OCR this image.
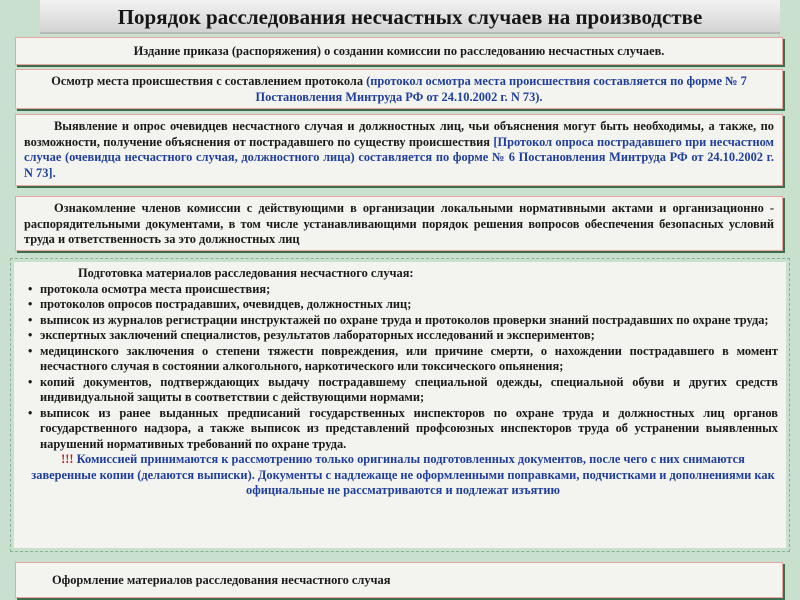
Порядок расследования несчастных случаев на производстве
Издание приказа (распоряжения) о создании комиссии по расследованию несчастных случаев.
Осмотр места происшествия с составлением протокола (протокол осмотра места происшествия составляется по форме № 7 Постановления Минтруда РФ от 24.10.2002 г. N 73).
Выявление и опрос очевидцев несчастного случая и должностных лиц, чьи объяснения могут быть необходимы, а также, по возможности, получение объяснения от пострадавшего по существу происшествия [Протокол опроса пострадавшего при несчастном случае (очевидца несчастного случая, должностного лица) составляется по форме № 6 Постановления Минтруда РФ от 24.10.2002 г. N 73].
Ознакомление членов комиссии с действующими в организации локальными нормативными актами и организационно - распорядительными документами, в том числе устанавливающими порядок решения вопросов обеспечения безопасных условий труда и ответственность за это должностных лиц
Подготовка материалов расследования несчастного случая:
• протокола осмотра места происшествия;
• протоколов опросов пострадавших, очевидцев, должностных лиц;
• выписок из журналов регистрации инструктажей по охране труда и протоколов проверки знаний пострадавших по охране труда;
• экспертных заключений специалистов, результатов лабораторных исследований и экспериментов;
• медицинского заключения о степени тяжести повреждения, или причине смерти, о нахождении пострадавшего в момент несчастного случая в состоянии алкогольного, наркотического или токсического опьянения;
• копий документов, подтверждающих выдачу пострадавшему специальной одежды, специальной обуви и других средств индивидуальной защиты в соответствии с действующими нормами;
• выписок из ранее выданных предписаний государственных инспекторов по охране труда и должностных лиц органов государственного надзора, а также выписок из представлений профсоюзных инспекторов труда об устранении выявленных нарушений нормативных требований по охране труда.
!!! Комиссией принимаются к рассмотрению только оригиналы подготовленных документов, после чего с них снимаются заверенные копии (делаются выписки). Документы с надлежаще не оформленными поправками, подчистками и дополнениями как официальные не рассматриваются и подлежат изъятию
Оформление материалов расследования несчастного случая
